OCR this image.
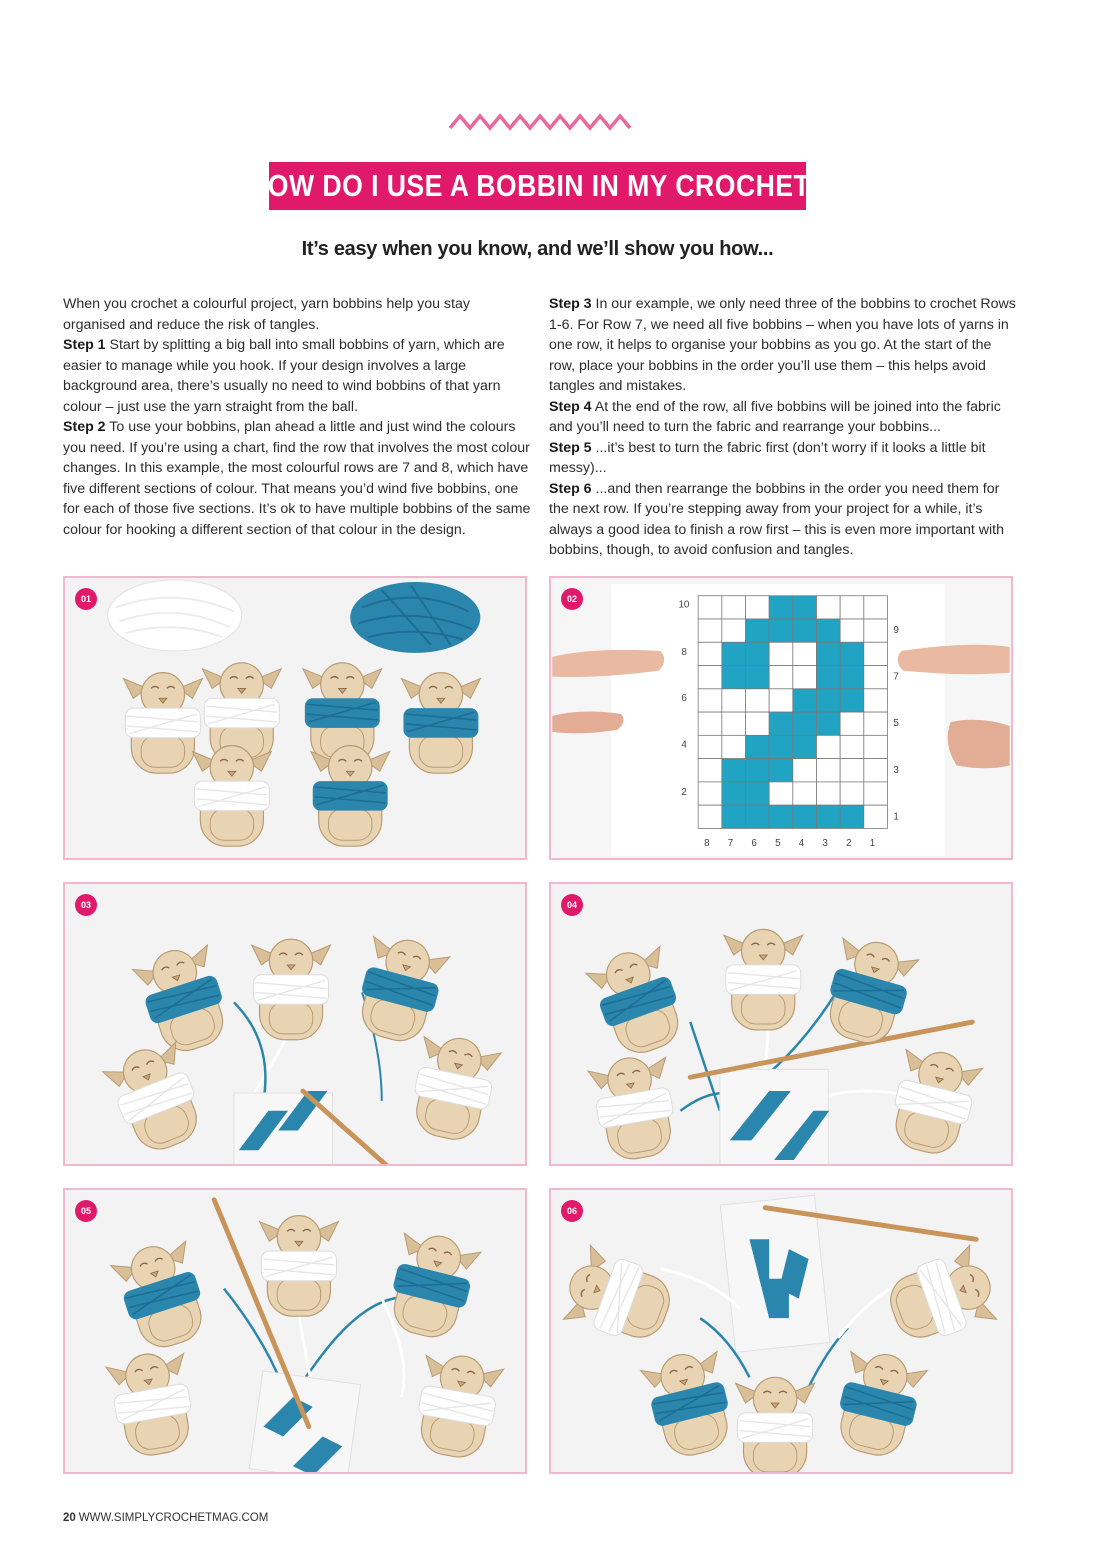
HOW DO I USE A BOBBIN IN MY CROCHET?
It’s easy when you know, and we’ll show you how...

When you crochet a colourful project, yarn bobbins help you stay organised and reduce the risk of tangles.

Step 1 Start by splitting a big ball into small bobbins of yarn, which are easier to manage while you hook. If your design involves a large background area, there’s usually no need to wind bobbins of that yarn colour – just use the yarn straight from the ball.

Step 2 To use your bobbins, plan ahead a little and just wind the colours you need. If you’re using a chart, find the row that involves the most colour changes. In this example, the most colourful rows are 7 and 8, which have five different sections of colour. That means you’d wind five bobbins, one for each of those five sections. It’s ok to have multiple bobbins of the same colour for hooking a different section of that colour in the design.

Step 3 In our example, we only need three of the bobbins to crochet Rows 1-6. For Row 7, we need all five bobbins – when you have lots of yarns in one row, it helps to organise your bobbins as you go. At the start of the row, place your bobbins in the order you’ll use them – this helps avoid tangles and mistakes.

Step 4 At the end of the row, all five bobbins will be joined into the fabric and you’ll need to turn the fabric and rearrange your bobbins...

Step 5 ...it’s best to turn the fabric first (don’t worry if it looks a little bit messy)...

Step 6 ...and then rearrange the bobbins in the order you need them for the next row. If you’re stepping away from your project for a while, it’s always a good idea to finish a row first – this is even more important with bobbins, though, to avoid confusion and tangles.

01	02
10
8
6
4
2
9
7
5
3
1
8 7 6 5 4 3 2 1
03	04
05	06
20 WWW.SIMPLYCROCHETMAG.COM
